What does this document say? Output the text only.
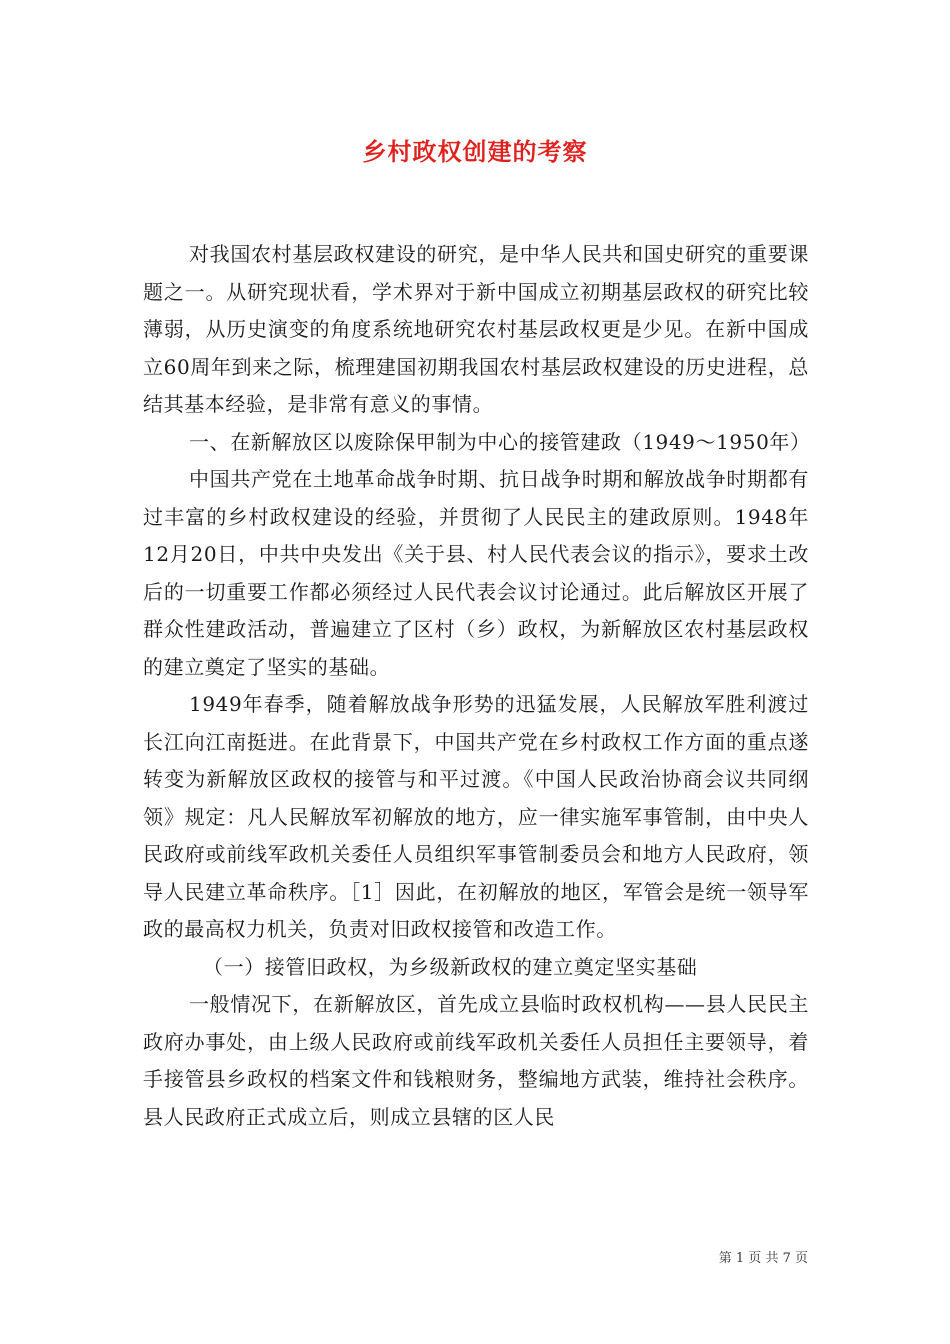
乡村政权创建的考察

对我国农村基层政权建设的研究，是中华人民共和国史研究的重要课题之一。从研究现状看，学术界对于新中国成立初期基层政权的研究比较薄弱，从历史演变的角度系统地研究农村基层政权更是少见。在新中国成立60周年到来之际，梳理建国初期我国农村基层政权建设的历史进程，总结其基本经验，是非常有意义的事情。

一、在新解放区以废除保甲制为中心的接管建政（1949～1950年）

中国共产党在土地革命战争时期、抗日战争时期和解放战争时期都有过丰富的乡村政权建设的经验，并贯彻了人民民主的建政原则。1948年12月20日，中共中央发出《关于县、村人民代表会议的指示》，要求土改后的一切重要工作都必须经过人民代表会议讨论通过。此后解放区开展了群众性建政活动，普遍建立了区村（乡）政权，为新解放区农村基层政权的建立奠定了坚实的基础。

1949年春季，随着解放战争形势的迅猛发展，人民解放军胜利渡过长江向江南挺进。在此背景下，中国共产党在乡村政权工作方面的重点遂转变为新解放区政权的接管与和平过渡。《中国人民政治协商会议共同纲领》规定：凡人民解放军初解放的地方，应一律实施军事管制，由中央人民政府或前线军政机关委任人员组织军事管制委员会和地方人民政府，领导人民建立革命秩序。［1］因此，在初解放的地区，军管会是统一领导军政的最高权力机关，负责对旧政权接管和改造工作。

（一）接管旧政权，为乡级新政权的建立奠定坚实基础

一般情况下，在新解放区，首先成立县临时政权机构——县人民民主政府办事处，由上级人民政府或前线军政机关委任人员担任主要领导，着手接管县乡政权的档案文件和钱粮财务，整编地方武装，维持社会秩序。县人民政府正式成立后，则成立县辖的区人民

第 1 页 共 7 页
